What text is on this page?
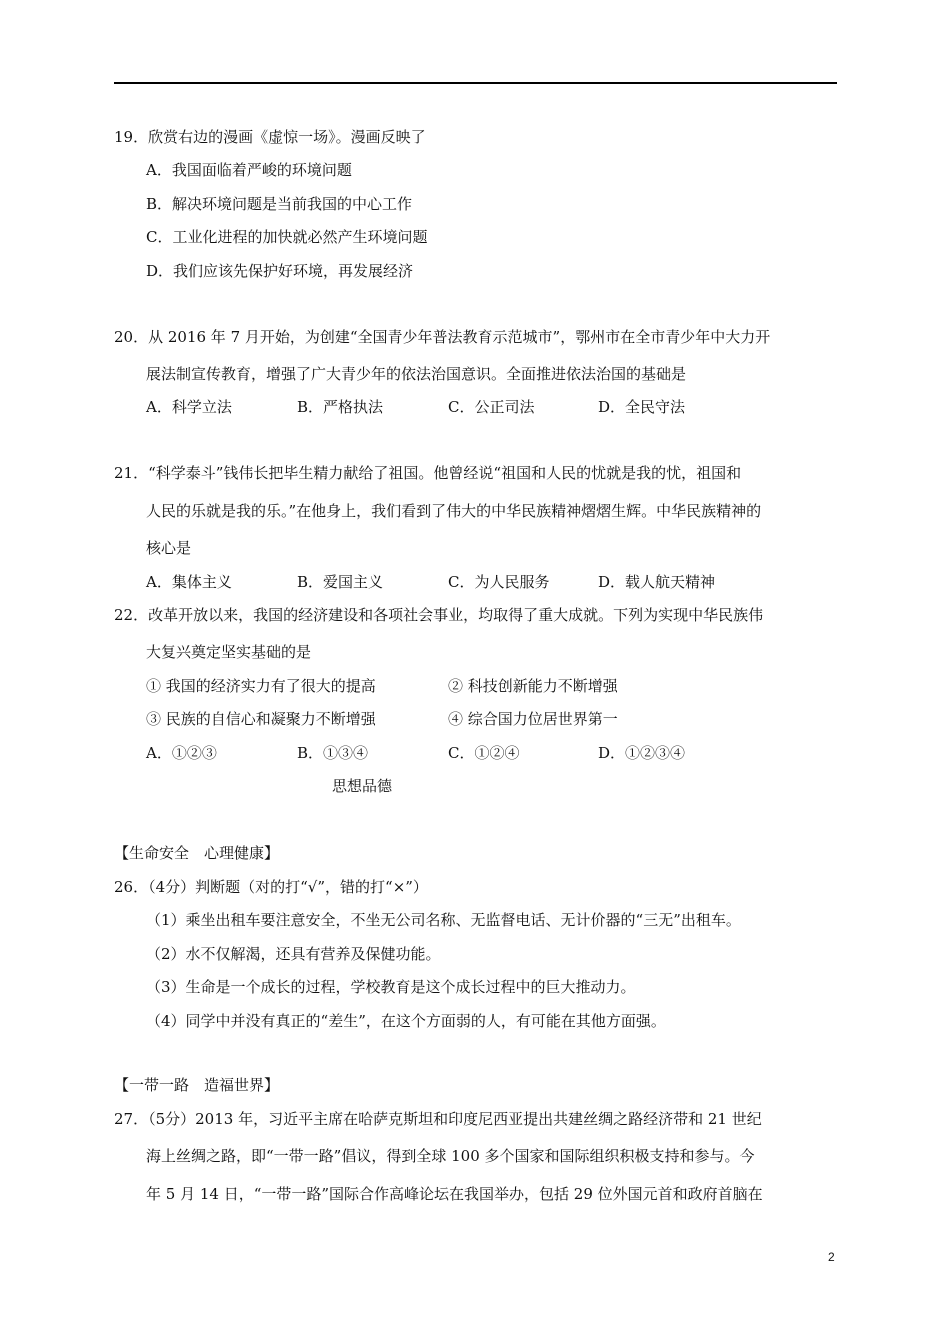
19．欣赏右边的漫画《虚惊一场》。漫画反映了
A．我国面临着严峻的环境问题
B．解决环境问题是当前我国的中心工作
C．工业化进程的加快就必然产生环境问题
D．我们应该先保护好环境，再发展经济
20．从 2016 年 7 月开始，为创建“全国青少年普法教育示范城市”，鄂州市在全市青少年中大力开
展法制宣传教育，增强了广大青少年的依法治国意识。全面推进依法治国的基础是
A．科学立法	B．严格执法	C．公正司法	D．全民守法
21．“科学泰斗”钱伟长把毕生精力献给了祖国。他曾经说“祖国和人民的忧就是我的忧，祖国和
人民的乐就是我的乐。”在他身上，我们看到了伟大的中华民族精神熠熠生辉。中华民族精神的
核心是
A．集体主义	B．爱国主义	C．为人民服务	D．载人航天精神
22．改革开放以来，我国的经济建设和各项社会事业，均取得了重大成就。下列为实现中华民族伟
大复兴奠定坚实基础的是
① 我国的经济实力有了很大的提高	② 科技创新能力不断增强
③ 民族的自信心和凝聚力不断增强	④ 综合国力位居世界第一
A．①②③	B．①③④	C．①②④	D．①②③④
思想品德
【生命安全　心理健康】
26．（4分）判断题（对的打“√”，错的打“×”）
（1）乘坐出租车要注意安全，不坐无公司名称、无监督电话、无计价器的“三无”出租车。
（2）水不仅解渴，还具有营养及保健功能。
（3）生命是一个成长的过程，学校教育是这个成长过程中的巨大推动力。
（4）同学中并没有真正的“差生”，在这个方面弱的人，有可能在其他方面强。
【一带一路　造福世界】
27．（5分）2013 年，习近平主席在哈萨克斯坦和印度尼西亚提出共建丝绸之路经济带和 21 世纪
海上丝绸之路，即“一带一路”倡议，得到全球 100 多个国家和国际组织积极支持和参与。今
年 5 月 14 日，“一带一路”国际合作高峰论坛在我国举办，包括 29 位外国元首和政府首脑在
2
